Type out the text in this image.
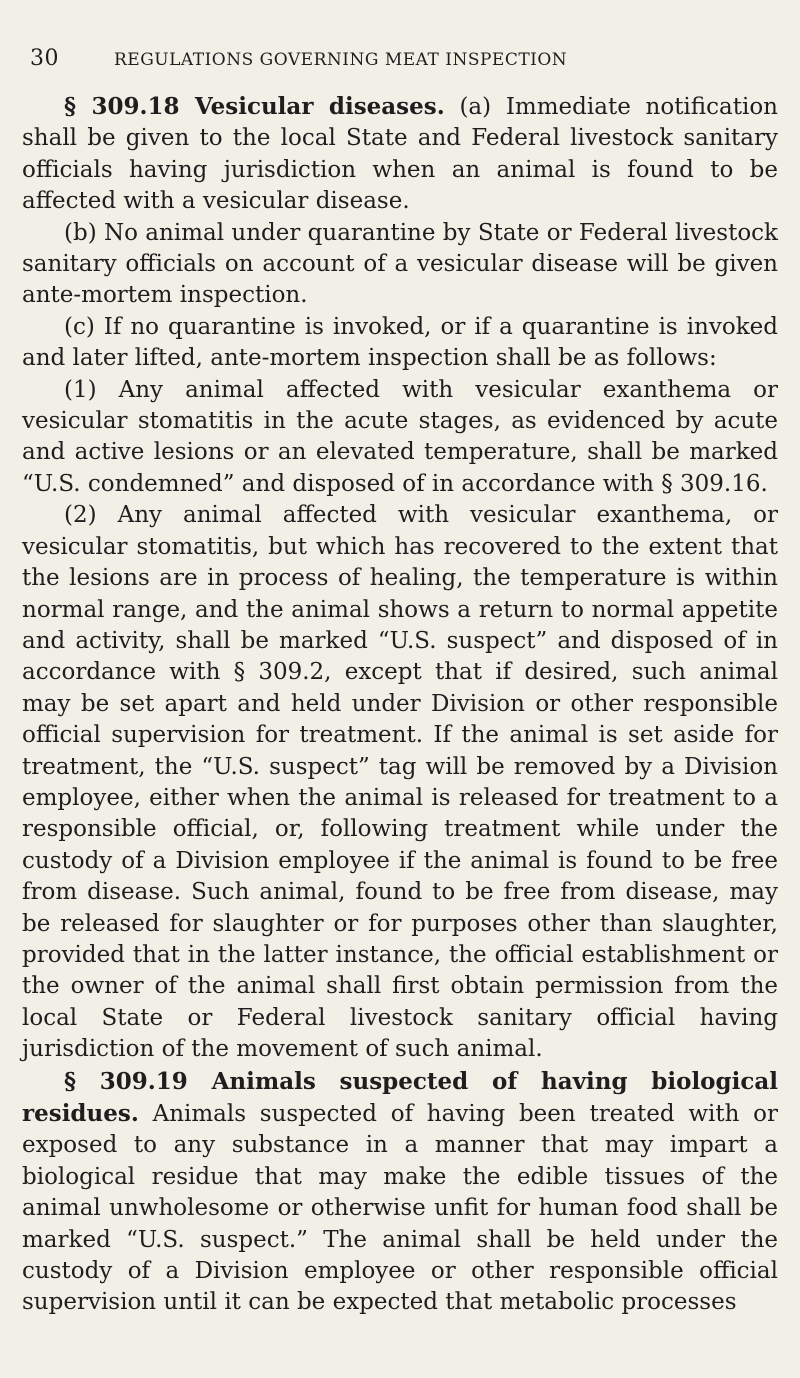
30	REGULATIONS GOVERNING MEAT INSPECTION

§ 309.18 Vesicular diseases. (a) Immediate notification shall be given to the local State and Federal livestock sanitary officials having jurisdiction when an animal is found to be affected with a vesicular disease.

(b) No animal under quarantine by State or Federal livestock sanitary officials on account of a vesicular disease will be given ante-mortem inspection.

(c) If no quarantine is invoked, or if a quarantine is invoked and later lifted, ante-mortem inspection shall be as follows:

(1) Any animal affected with vesicular exanthema or vesicular stomatitis in the acute stages, as evidenced by acute and active lesions or an elevated temperature, shall be marked “U.S. condemned” and disposed of in accordance with § 309.16.

(2) Any animal affected with vesicular exanthema, or vesicular stomatitis, but which has recovered to the extent that the lesions are in process of healing, the temperature is within normal range, and the animal shows a return to normal appetite and activity, shall be marked “U.S. suspect” and disposed of in accordance with § 309.2, except that if desired, such animal may be set apart and held under Division or other responsible official supervision for treatment. If the animal is set aside for treatment, the “U.S. suspect” tag will be removed by a Division employee, either when the animal is released for treatment to a responsible official, or, following treatment while under the custody of a Division employee if the animal is found to be free from disease. Such animal, found to be free from disease, may be released for slaughter or for purposes other than slaughter, provided that in the latter instance, the official establishment or the owner of the animal shall first obtain permission from the local State or Federal livestock sanitary official having jurisdiction of the movement of such animal.

§ 309.19 Animals suspected of having biological residues. Animals suspected of having been treated with or exposed to any substance in a manner that may impart a biological residue that may make the edible tissues of the animal unwholesome or otherwise unfit for human food shall be marked “U.S. suspect.” The animal shall be held under the custody of a Division employee or other responsible official supervision until it can be expected that metabolic processes
